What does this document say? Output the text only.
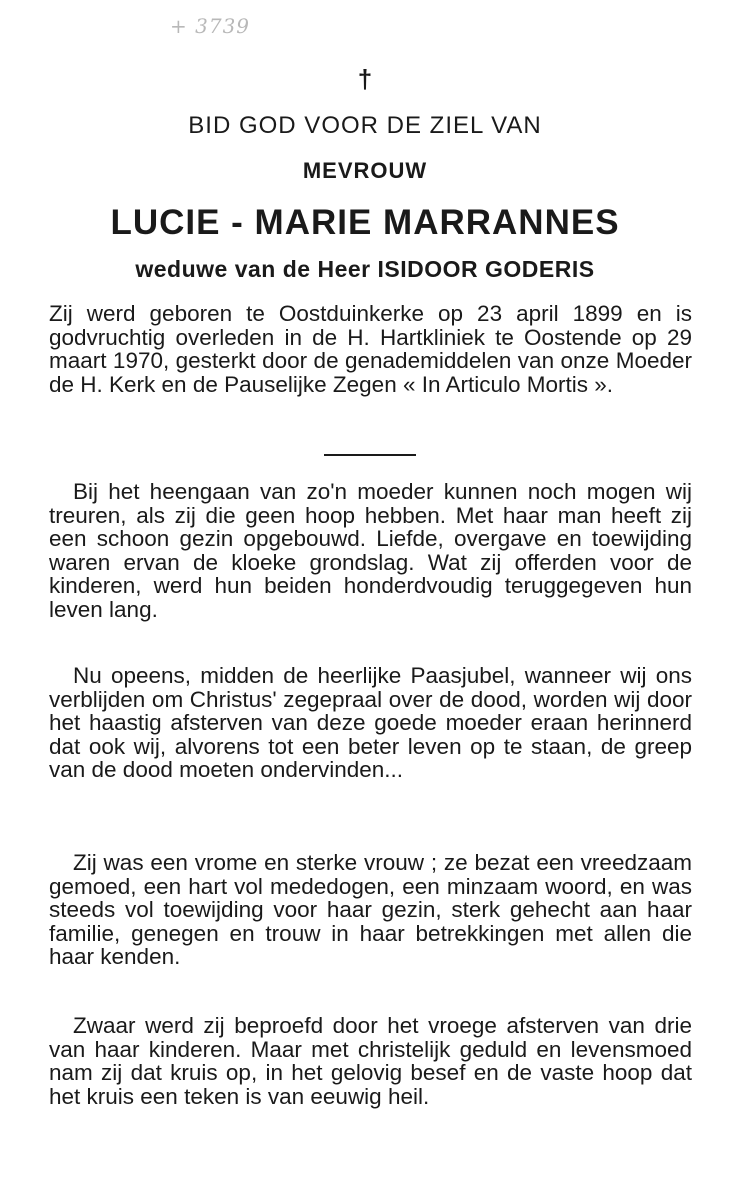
+ 3739
†
BID GOD VOOR DE ZIEL VAN
MEVROUW
LUCIE - MARIE MARRANNES
weduwe van de Heer ISIDOOR GODERIS

Zij werd geboren te Oostduinkerke op 23 april 1899 en is godvruchtig overleden in de H. Hartkliniek te Oostende op 29 maart 1970, gesterkt door de genademiddelen van onze Moeder de H. Kerk en de Pauselijke Zegen « In Articulo Mortis ».

Bij het heengaan van zo'n moeder kunnen noch mogen wij treuren, als zij die geen hoop hebben. Met haar man heeft zij een schoon gezin opgebouwd. Liefde, overgave en toewijding waren ervan de kloeke grondslag. Wat zij offerden voor de kinderen, werd hun beiden honderdvoudig teruggegeven hun leven lang.

Nu opeens, midden de heerlijke Paasjubel, wanneer wij ons verblijden om Christus' zegepraal over de dood, worden wij door het haastig afsterven van deze goede moeder eraan herinnerd dat ook wij, alvorens tot een beter leven op te staan, de greep van de dood moeten ondervinden...

Zij was een vrome en sterke vrouw ; ze bezat een vreedzaam gemoed, een hart vol mededogen, een minzaam woord, en was steeds vol toewijding voor haar gezin, sterk gehecht aan haar familie, genegen en trouw in haar betrekkingen met allen die haar kenden.

Zwaar werd zij beproefd door het vroege afsterven van drie van haar kinderen. Maar met christelijk geduld en levensmoed nam zij dat kruis op, in het gelovig besef en de vaste hoop dat het kruis een teken is van eeuwig heil.
